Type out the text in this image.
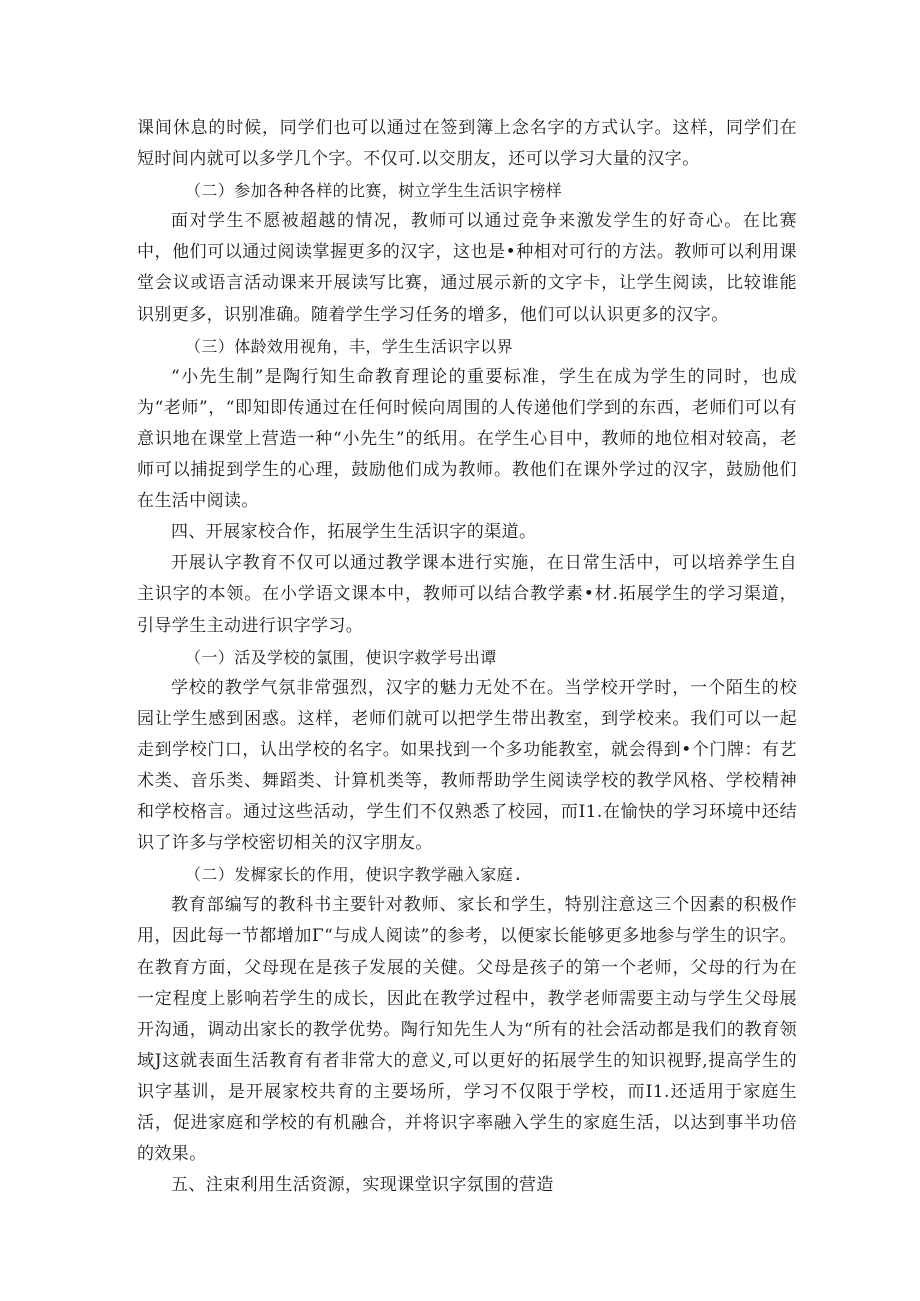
课间休息的时候，同学们也可以通过在签到簿上念名字的方式认字。这样，同学们在短时间内就可以多学几个字。不仅可.以交朋友，还可以学习大量的汉字。

（二）参加各种各样的比赛，树立学生生活识字榜样

面对学生不愿被超越的情况，教师可以通过竞争来激发学生的好奇心。在比赛中，他们可以通过阅读掌握更多的汉字，这也是•种相对可行的方法。教师可以利用课堂会议或语言活动课来开展读写比赛，通过展示新的文字卡，让学生阅读，比较谁能识别更多，识别准确。随着学生学习任务的增多，他们可以认识更多的汉字。

（三）体龄效用视角，丰，学生生活识字以界

“小先生制”是陶行知生命教育理论的重要标准，学生在成为学生的同时，也成为“老师”，“即知即传通过在任何时候向周围的人传递他们学到的东西，老师们可以有意识地在课堂上营造一种“小先生”的纸用。在学生心目中，教师的地位相对较高，老师可以捕捉到学生的心理，鼓励他们成为教师。教他们在课外学过的汉字，鼓励他们在生活中阅读。

四、开展家校合作，拓展学生生活识字的渠道。

开展认字教育不仅可以通过教学课本进行实施，在日常生活中，可以培养学生自主识字的本领。在小学语文课本中，教师可以结合教学素•材.拓展学生的学习渠道，引导学生主动进行识字学习。

（一）活及学校的氯围，使识字救学号出谭

学校的教学气氛非常强烈，汉字的魅力无处不在。当学校开学时，一个陌生的校园让学生感到困惑。这样，老师们就可以把学生带出教室，到学校来。我们可以一起走到学校门口，认出学校的名字。如果找到一个多功能教室，就会得到•个门牌：有艺术类、音乐类、舞蹈类、计算机类等，教师帮助学生阅读学校的教学风格、学校精神和学校格言。通过这些活动，学生们不仅熟悉了校园，而I1.在愉快的学习环境中还结识了许多与学校密切相关的汉字朋友。

（二）发樨家长的作用，使识字教学融入家庭.

教育部编写的教科书主要针对教师、家长和学生，特别注意这三个因素的积极作用，因此每一节都增加Γ“与成人阅读”的参考，以便家长能够更多地参与学生的识字。在教育方面，父母现在是孩子发展的关健。父母是孩子的第一个老师，父母的行为在一定程度上影响若学生的成长，因此在教学过程中，教学老师需要主动与学生父母展开沟通，调动出家长的教学优势。陶行知先生人为“所有的社会活动都是我们的教育领域J这就表面生活教育有者非常大的意义,可以更好的拓展学生的知识视野,提高学生的识字基训，是开展家校共育的主要场所，学习不仅限于学校，而I1.还适用于家庭生活，促进家庭和学校的有机融合，并将识字率融入学生的家庭生活，以达到事半功倍的效果。

五、注束利用生活资源，实现课堂识字氛围的营造
